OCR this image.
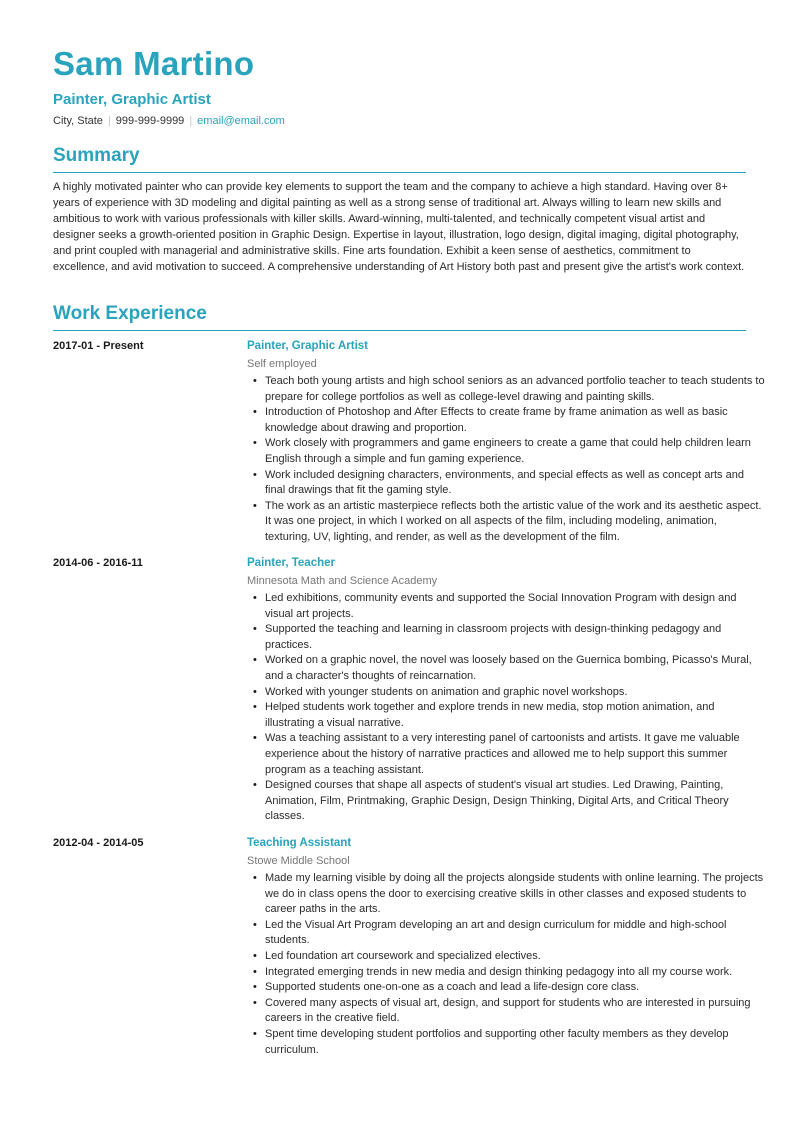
Sam Martino
Painter, Graphic Artist
City, State | 999-999-9999 | email@email.com
Summary

A highly motivated painter who can provide key elements to support the team and the company to achieve a high standard. Having over 8+ years of experience with 3D modeling and digital painting as well as a strong sense of traditional art. Always willing to learn new skills and ambitious to work with various professionals with killer skills. Award-winning, multi-talented, and technically competent visual artist and designer seeks a growth-oriented position in Graphic Design. Expertise in layout, illustration, logo design, digital imaging, digital photography, and print coupled with managerial and administrative skills. Fine arts foundation. Exhibit a keen sense of aesthetics, commitment to excellence, and avid motivation to succeed. A comprehensive understanding of Art History both past and present give the artist's work context.

Work Experience
2017-01 - Present	Painter, Graphic Artist
Self employed
• Teach both young artists and high school seniors as an advanced portfolio teacher to teach students to prepare for college portfolios as well as college-level drawing and painting skills.
• Introduction of Photoshop and After Effects to create frame by frame animation as well as basic knowledge about drawing and proportion.
• Work closely with programmers and game engineers to create a game that could help children learn English through a simple and fun gaming experience.
• Work included designing characters, environments, and special effects as well as concept arts and final drawings that fit the gaming style.
• The work as an artistic masterpiece reflects both the artistic value of the work and its aesthetic aspect. It was one project, in which I worked on all aspects of the film, including modeling, animation, texturing, UV, lighting, and render, as well as the development of the film.
2014-06 - 2016-11	Painter, Teacher
Minnesota Math and Science Academy
• Led exhibitions, community events and supported the Social Innovation Program with design and visual art projects.
• Supported the teaching and learning in classroom projects with design-thinking pedagogy and practices.
• Worked on a graphic novel, the novel was loosely based on the Guernica bombing, Picasso's Mural, and a character's thoughts of reincarnation.
• Worked with younger students on animation and graphic novel workshops.
• Helped students work together and explore trends in new media, stop motion animation, and illustrating a visual narrative.
• Was a teaching assistant to a very interesting panel of cartoonists and artists. It gave me valuable experience about the history of narrative practices and allowed me to help support this summer program as a teaching assistant.
• Designed courses that shape all aspects of student's visual art studies. Led Drawing, Painting, Animation, Film, Printmaking, Graphic Design, Design Thinking, Digital Arts, and Critical Theory classes.
2012-04 - 2014-05	Teaching Assistant
Stowe Middle School
• Made my learning visible by doing all the projects alongside students with online learning. The projects we do in class opens the door to exercising creative skills in other classes and exposed students to career paths in the arts.
• Led the Visual Art Program developing an art and design curriculum for middle and high-school students.
• Led foundation art coursework and specialized electives.
• Integrated emerging trends in new media and design thinking pedagogy into all my course work.
• Supported students one-on-one as a coach and lead a life-design core class.
• Covered many aspects of visual art, design, and support for students who are interested in pursuing careers in the creative field.
• Spent time developing student portfolios and supporting other faculty members as they develop curriculum.
